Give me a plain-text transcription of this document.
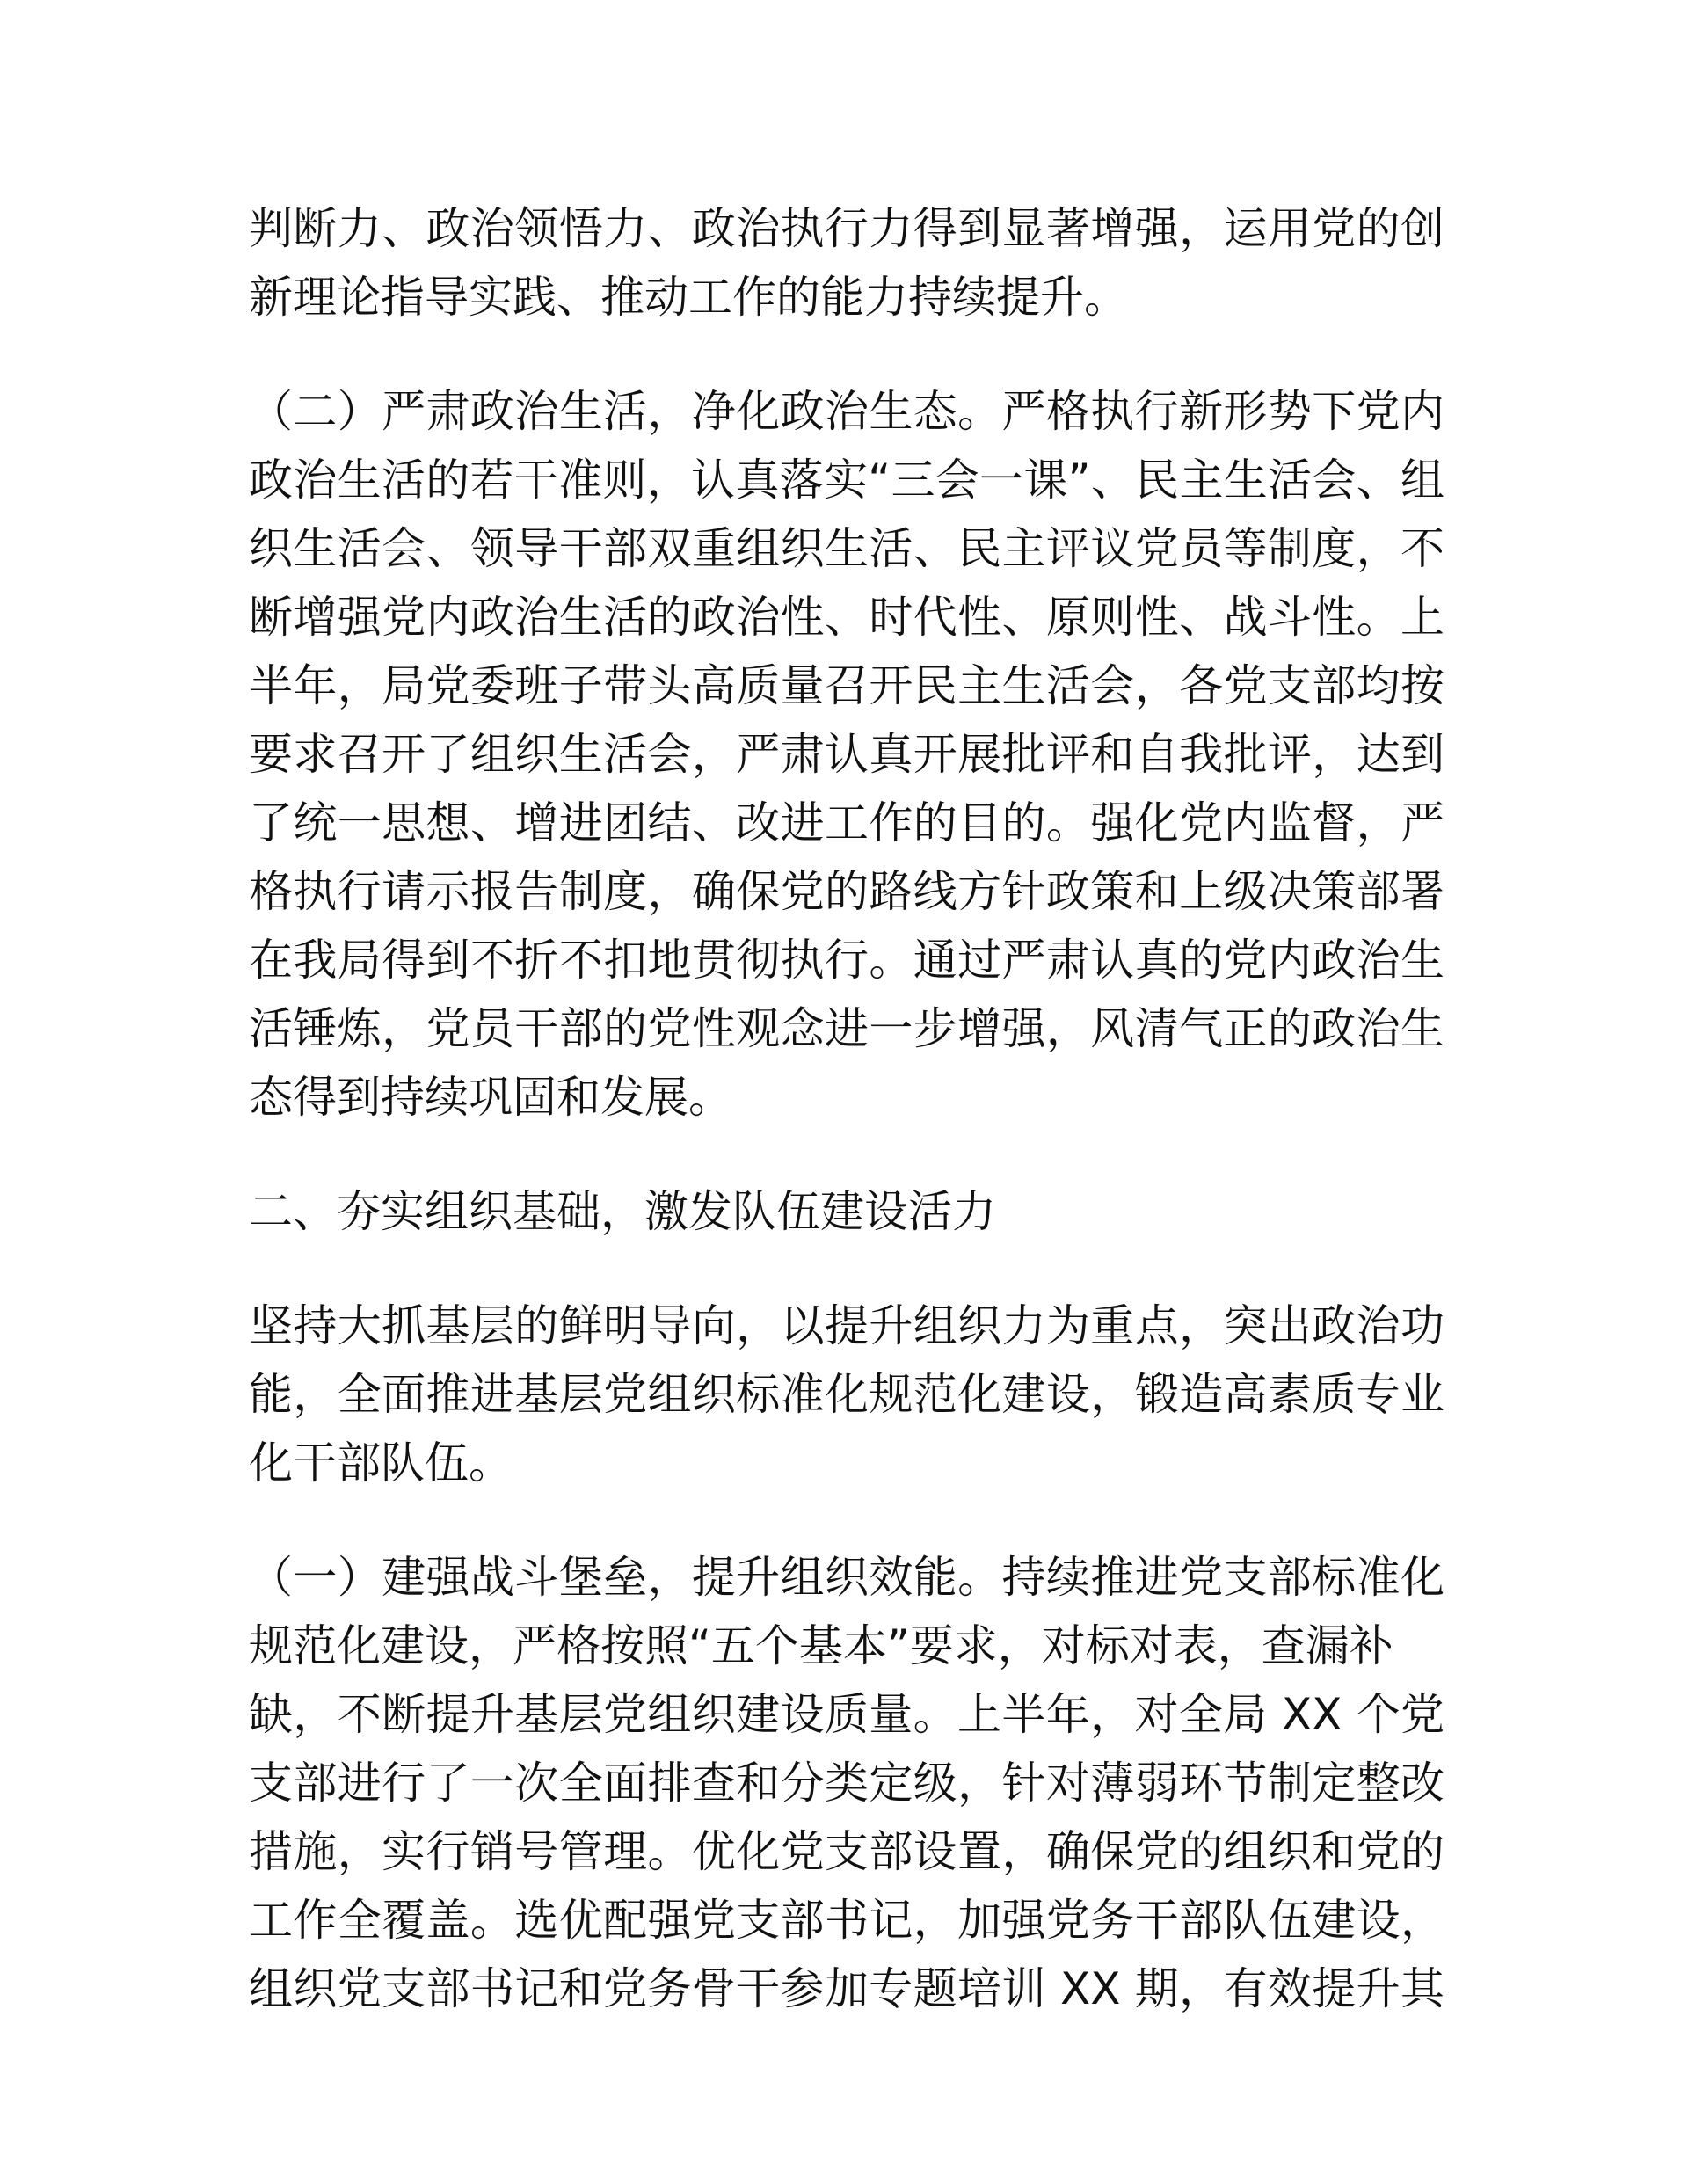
判断力、政治领悟力、政治执行力得到显著增强，运用党的创
新理论指导实践、推动工作的能力持续提升。
（二）严肃政治生活，净化政治生态。严格执行新形势下党内
政治生活的若干准则，认真落实“三会一课”、民主生活会、组
织生活会、领导干部双重组织生活、民主评议党员等制度，不
断增强党内政治生活的政治性、时代性、原则性、战斗性。上
半年，局党委班子带头高质量召开民主生活会，各党支部均按
要求召开了组织生活会，严肃认真开展批评和自我批评，达到
了统一思想、增进团结、改进工作的目的。强化党内监督，严
格执行请示报告制度，确保党的路线方针政策和上级决策部署
在我局得到不折不扣地贯彻执行。通过严肃认真的党内政治生
活锤炼，党员干部的党性观念进一步增强，风清气正的政治生
态得到持续巩固和发展。
二、夯实组织基础，激发队伍建设活力
坚持大抓基层的鲜明导向，以提升组织力为重点，突出政治功
能，全面推进基层党组织标准化规范化建设，锻造高素质专业
化干部队伍。
（一）建强战斗堡垒，提升组织效能。持续推进党支部标准化
规范化建设，严格按照“五个基本”要求，对标对表，查漏补
缺，不断提升基层党组织建设质量。上半年，对全局 XX 个党
支部进行了一次全面排查和分类定级，针对薄弱环节制定整改
措施，实行销号管理。优化党支部设置，确保党的组织和党的
工作全覆盖。选优配强党支部书记，加强党务干部队伍建设，
组织党支部书记和党务骨干参加专题培训 XX 期，有效提升其
